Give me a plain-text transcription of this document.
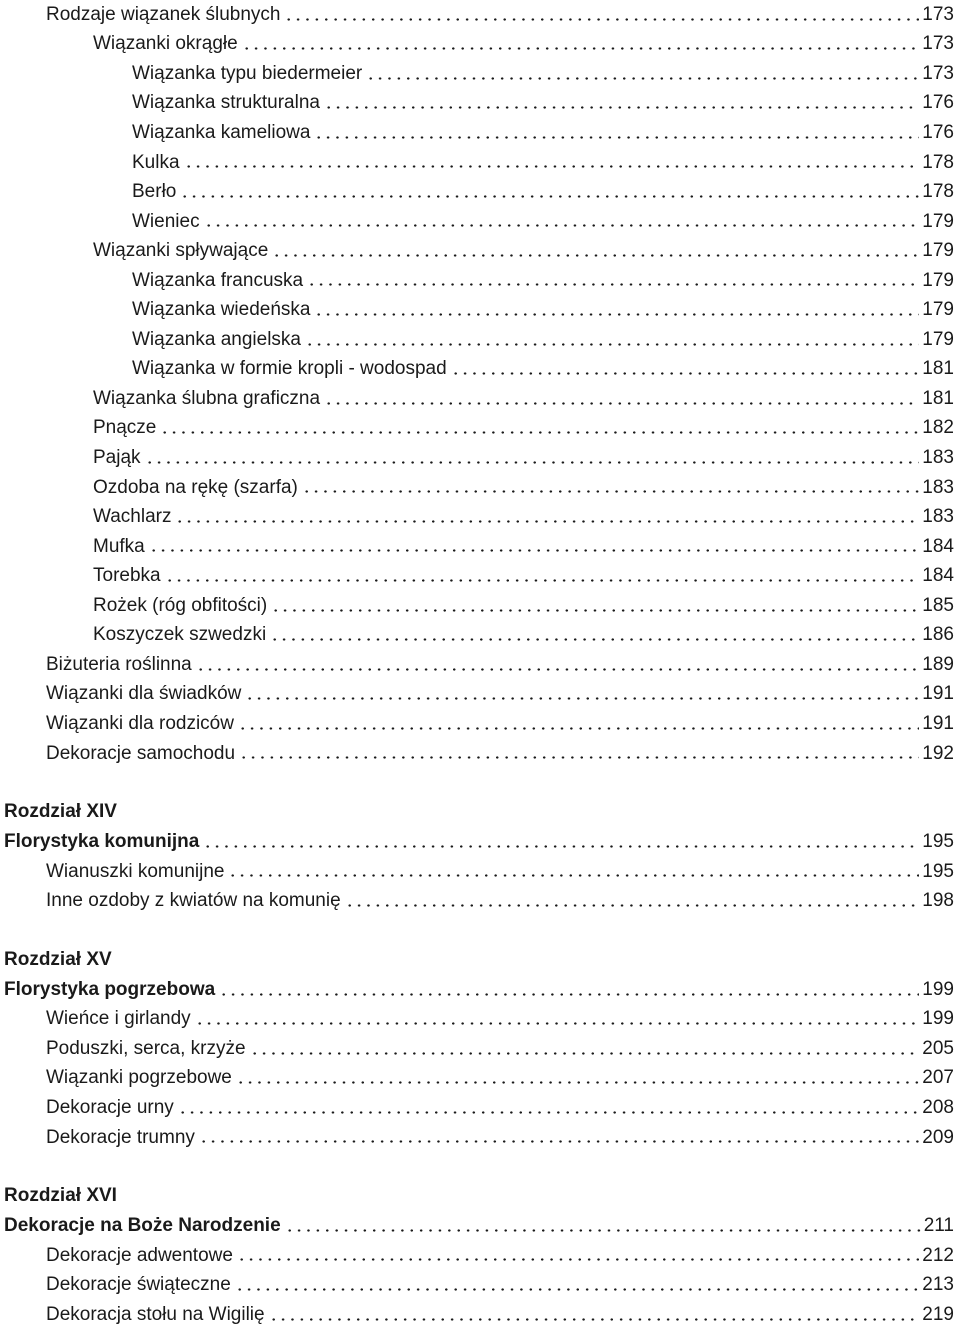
Rodzaje wiązanek ślubnych	173
Wiązanki okrągłe	173
Wiązanka typu biedermeier	173
Wiązanka strukturalna	176
Wiązanka kameliowa	176
Kulka	178
Berło	178
Wieniec	179
Wiązanki spływające	179
Wiązanka francuska	179
Wiązanka wiedeńska	179
Wiązanka angielska	179
Wiązanka w formie kropli - wodospad	181
Wiązanka ślubna graficzna	181
Pnącze	182
Pająk	183
Ozdoba na rękę (szarfa)	183
Wachlarz	183
Mufka	184
Torebka	184
Rożek (róg obfitości)	185
Koszyczek szwedzki	186
Biżuteria roślinna	189
Wiązanki dla świadków	191
Wiązanki dla rodziców	191
Dekoracje samochodu	192
Rozdział XIV
Florystyka komunijna	195
Wianuszki komunijne	195
Inne ozdoby z kwiatów na komunię	198
Rozdział XV
Florystyka pogrzebowa	199
Wieńce i girlandy	199
Poduszki, serca, krzyże	205
Wiązanki pogrzebowe	207
Dekoracje urny	208
Dekoracje trumny	209
Rozdział XVI
Dekoracje na Boże Narodzenie	211
Dekoracje adwentowe	212
Dekoracje świąteczne	213
Dekoracja stołu na Wigilię	219
